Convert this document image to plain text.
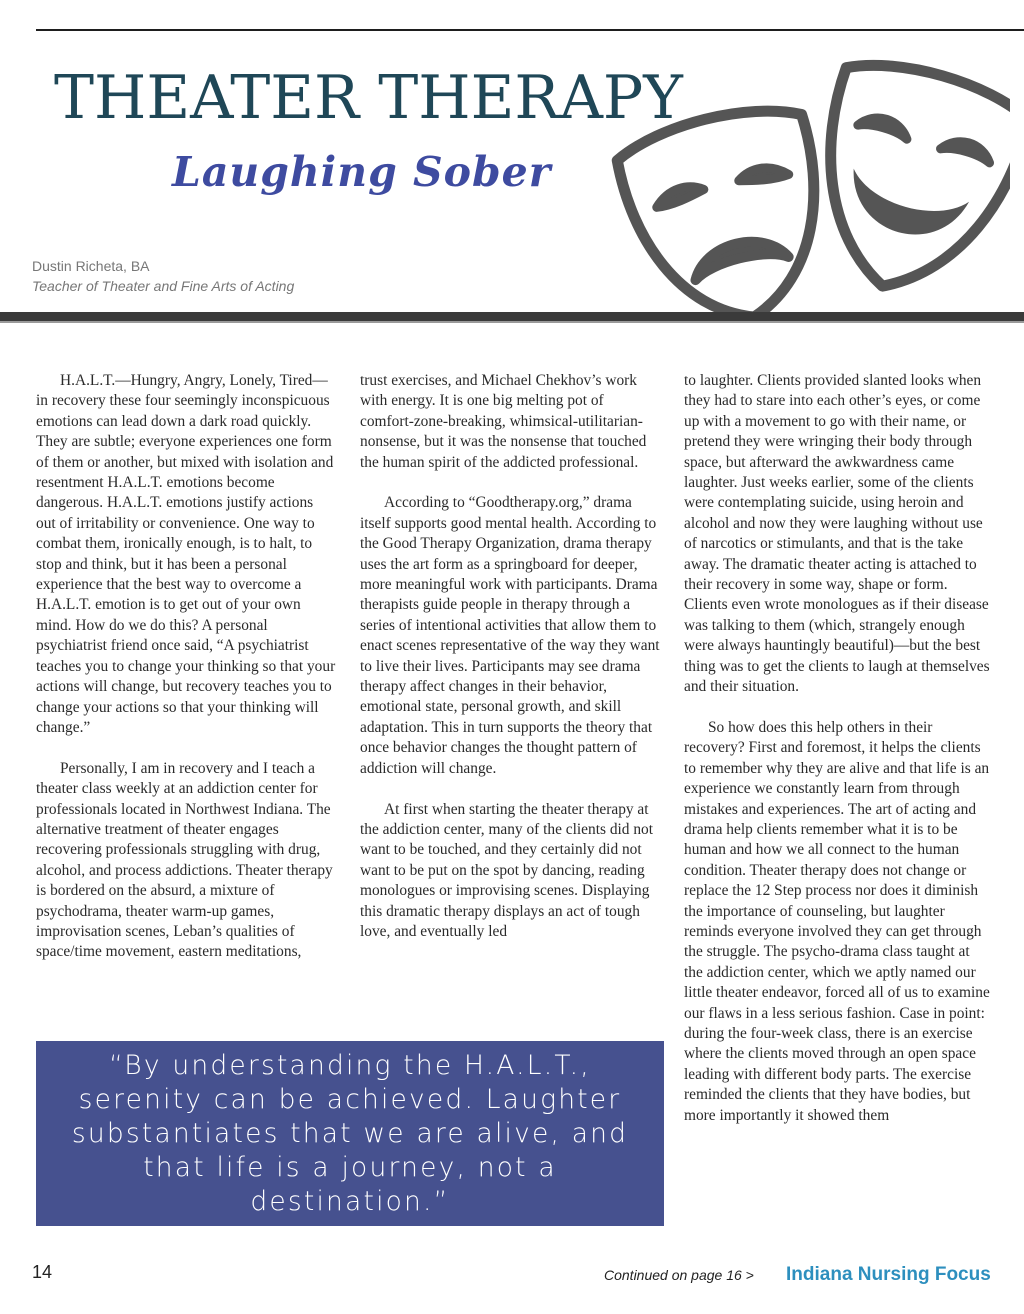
THEATER THERAPY
Laughing Sober
Dustin Richeta, BA
Teacher of Theater and Fine Arts of Acting

H.A.L.T.—Hungry, Angry, Lonely, Tired—in recovery these four seemingly inconspicuous emotions can lead down a dark road quickly. They are subtle; everyone experiences one form of them or another, but mixed with isolation and resentment H.A.L.T. emotions become dangerous. H.A.L.T. emotions justify actions out of irritability or convenience. One way to combat them, ironically enough, is to halt, to stop and think, but it has been a personal experience that the best way to overcome a H.A.L.T. emotion is to get out of your own mind. How do we do this? A personal psychiatrist friend once said, “A psychiatrist teaches you to change your thinking so that your actions will change, but recovery teaches you to change your actions so that your thinking will change.”

Personally, I am in recovery and I teach a theater class weekly at an addiction center for professionals located in Northwest Indiana. The alternative treatment of theater engages recovering professionals struggling with drug, alcohol, and process addictions. Theater therapy is bordered on the absurd, a mixture of psychodrama, theater warm-up games, improvisation scenes, Leban’s qualities of space/time movement, eastern meditations,

trust exercises, and Michael Chekhov’s work with energy. It is one big melting pot of comfort-zone-breaking, whimsical-utilitarian-nonsense, but it was the nonsense that touched the human spirit of the addicted professional.

According to “Goodtherapy.org,” drama itself supports good mental health. According to the Good Therapy Organization, drama therapy uses the art form as a springboard for deeper, more meaningful work with participants. Drama therapists guide people in therapy through a series of intentional activities that allow them to enact scenes representative of the way they want to live their lives. Participants may see drama therapy affect changes in their behavior, emotional state, personal growth, and skill adaptation. This in turn supports the theory that once behavior changes the thought pattern of addiction will change.

At first when starting the theater therapy at the addiction center, many of the clients did not want to be touched, and they certainly did not want to be put on the spot by dancing, reading monologues or improvising scenes. Displaying this dramatic therapy displays an act of tough love, and eventually led

to laughter. Clients provided slanted looks when they had to stare into each other’s eyes, or come up with a movement to go with their name, or pretend they were wringing their body through space, but afterward the awkwardness came laughter. Just weeks earlier, some of the clients were contemplating suicide, using heroin and alcohol and now they were laughing without use of narcotics or stimulants, and that is the take away. The dramatic theater acting is attached to their recovery in some way, shape or form. Clients even wrote monologues as if their disease was talking to them (which, strangely enough were always hauntingly beautiful)—but the best thing was to get the clients to laugh at themselves and their situation.

So how does this help others in their recovery? First and foremost, it helps the clients to remember why they are alive and that life is an experience we constantly learn from through mistakes and experiences. The art of acting and drama help clients remember what it is to be human and how we all connect to the human condition. Theater therapy does not change or replace the 12 Step process nor does it diminish the importance of counseling, but laughter reminds everyone involved they can get through the struggle. The psycho-drama class taught at the addiction center, which we aptly named our little theater endeavor, forced all of us to examine our flaws in a less serious fashion. Case in point: during the four-week class, there is an exercise where the clients moved through an open space leading with different body parts. The exercise reminded the clients that they have bodies, but more importantly it showed them

“By understanding the H.A.L.T., serenity can be achieved. Laughter substantiates that we are alive, and that life is a journey, not a destination.”

14	Continued on page 16 > Indiana Nursing Focus
